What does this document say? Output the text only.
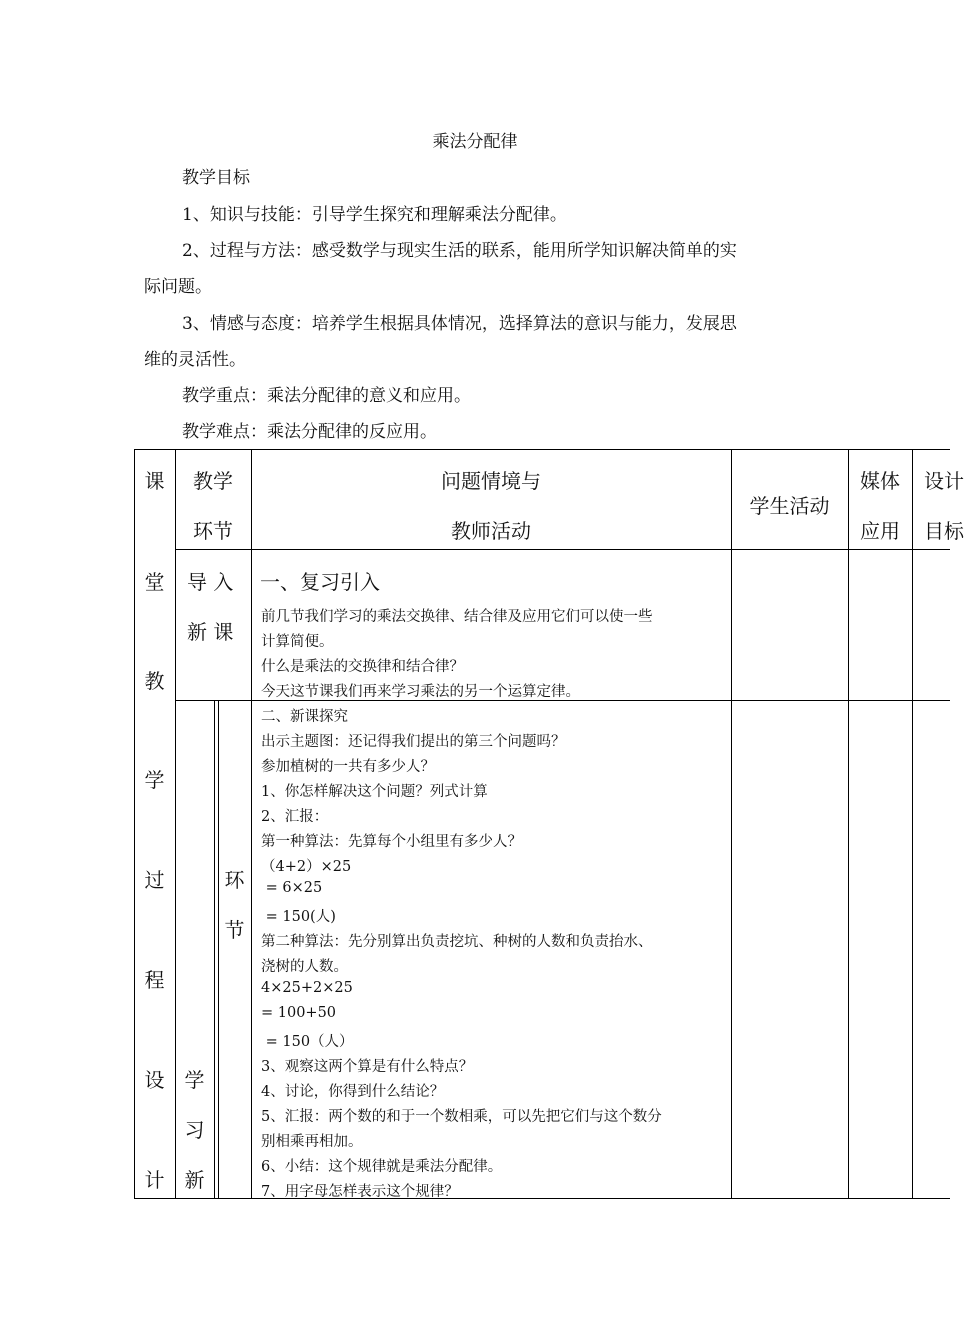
乘法分配律
教学目标
1、知识与技能：引导学生探究和理解乘法分配律。
2、过程与方法：感受数学与现实生活的联系，能用所学知识解决简单的实
际问题。
3、情感与态度：培养学生根据具体情况，选择算法的意识与能力，发展思
维的灵活性。
教学重点：乘法分配律的意义和应用。
教学难点：乘法分配律的反应用。
课
堂
教
学
过
程
设
计
教学
环节
问题情境与
教师活动
学生活动
媒体
应用
设计
目标
导 入
新 课
一、复习引入
前几节我们学习的乘法交换律、结合律及应用它们可以使一些
计算简便。
什么是乘法的交换律和结合律？
今天这节课我们再来学习乘法的另一个运算定律。
学
习
新
环
节
二、新课探究
出示主题图：还记得我们提出的第三个问题吗？
参加植树的一共有多少人？
1、你怎样解决这个问题？列式计算
2、汇报：
第一种算法：先算每个小组里有多少人？
（4+2）×25
= 6×25
= 150(人)
第二种算法：先分别算出负责挖坑、种树的人数和负责抬水、
浇树的人数。
4×25+2×25
= 100+50
= 150（人）
3、观察这两个算是有什么特点？
4、讨论，你得到什么结论？
5、汇报：两个数的和于一个数相乘，可以先把它们与这个数分
别相乘再相加。
6、小结：这个规律就是乘法分配律。
7、用字母怎样表示这个规律？
